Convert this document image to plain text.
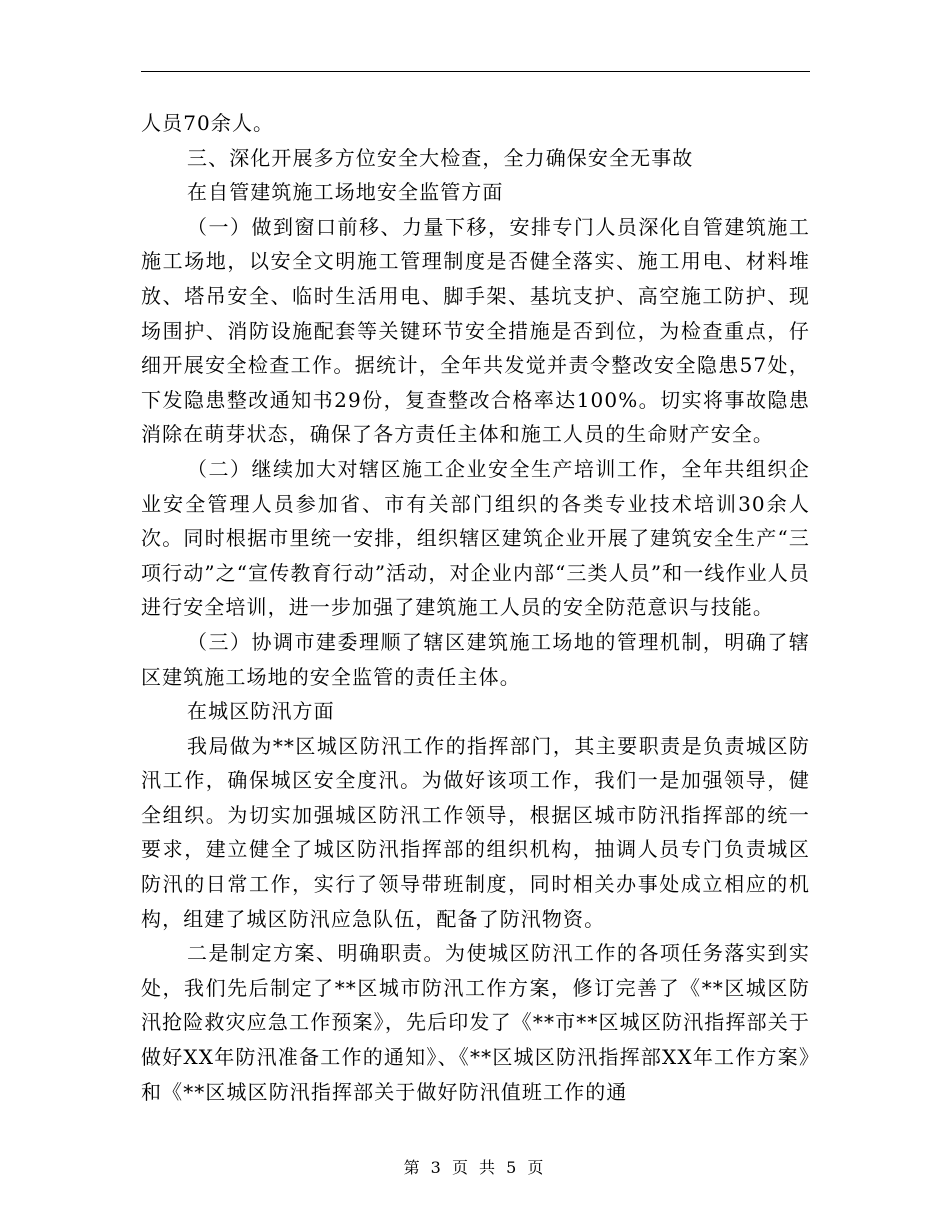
人员70余人。

三、深化开展多方位安全大检查，全力确保安全无事故

在自管建筑施工场地安全监管方面

（一）做到窗口前移、力量下移，安排专门人员深化自管建筑施工施工场地，以安全文明施工管理制度是否健全落实、施工用电、材料堆放、塔吊安全、临时生活用电、脚手架、基坑支护、高空施工防护、现场围护、消防设施配套等关键环节安全措施是否到位，为检查重点，仔细开展安全检查工作。据统计，全年共发觉并责令整改安全隐患57处，下发隐患整改通知书29份，复查整改合格率达100%。切实将事故隐患消除在萌芽状态，确保了各方责任主体和施工人员的生命财产安全。

（二）继续加大对辖区施工企业安全生产培训工作，全年共组织企业安全管理人员参加省、市有关部门组织的各类专业技术培训30余人次。同时根据市里统一安排，组织辖区建筑企业开展了建筑安全生产“三项行动”之“宣传教育行动”活动，对企业内部“三类人员”和一线作业人员进行安全培训，进一步加强了建筑施工人员的安全防范意识与技能。

（三）协调市建委理顺了辖区建筑施工场地的管理机制，明确了辖区建筑施工场地的安全监管的责任主体。

在城区防汛方面

我局做为**区城区防汛工作的指挥部门，其主要职责是负责城区防汛工作，确保城区安全度汛。为做好该项工作，我们一是加强领导，健全组织。为切实加强城区防汛工作领导，根据区城市防汛指挥部的统一要求，建立健全了城区防汛指挥部的组织机构，抽调人员专门负责城区防汛的日常工作，实行了领导带班制度，同时相关办事处成立相应的机构，组建了城区防汛应急队伍，配备了防汛物资。

二是制定方案、明确职责。为使城区防汛工作的各项任务落实到实处，我们先后制定了**区城市防汛工作方案，修订完善了《**区城区防汛抢险救灾应急工作预案》，先后印发了《**市**区城区防汛指挥部关于做好XX年防汛准备工作的通知》、《**区城区防汛指挥部XX年工作方案》和《**区城区防汛指挥部关于做好防汛值班工作的通

第 3 页 共 5 页
